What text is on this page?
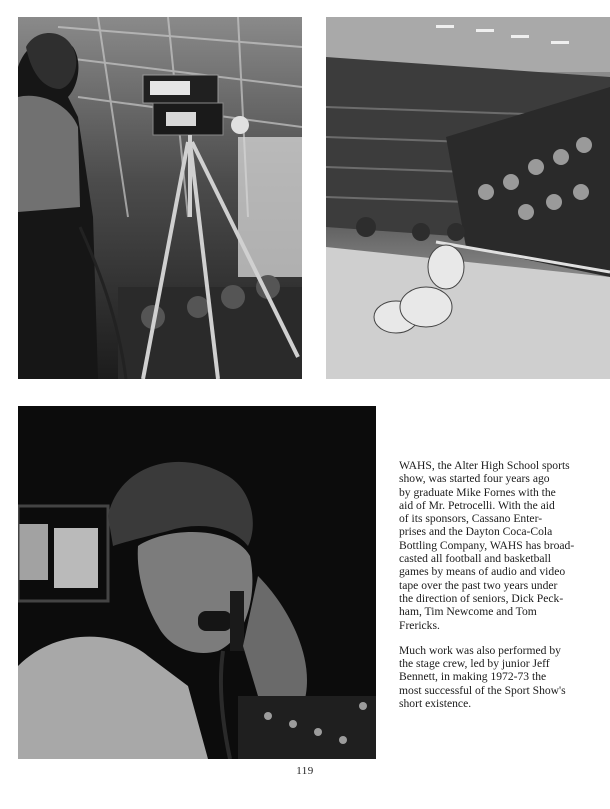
WAHS, the Alter High School sports
show, was started four years ago
by graduate Mike Fornes with the
aid of Mr. Petrocelli. With the aid
of its sponsors, Cassano Enter-
prises and the Dayton Coca-Cola
Bottling Company, WAHS has broad-
casted all football and basketball
games by means of audio and video
tape over the past two years under
the direction of seniors, Dick Peck-
ham, Tim Newcome and Tom
Frericks.

Much work was also performed by
the stage crew, led by junior Jeff
Bennett, in making 1972-73 the
most successful of the Sport Show's
short existence.

119
